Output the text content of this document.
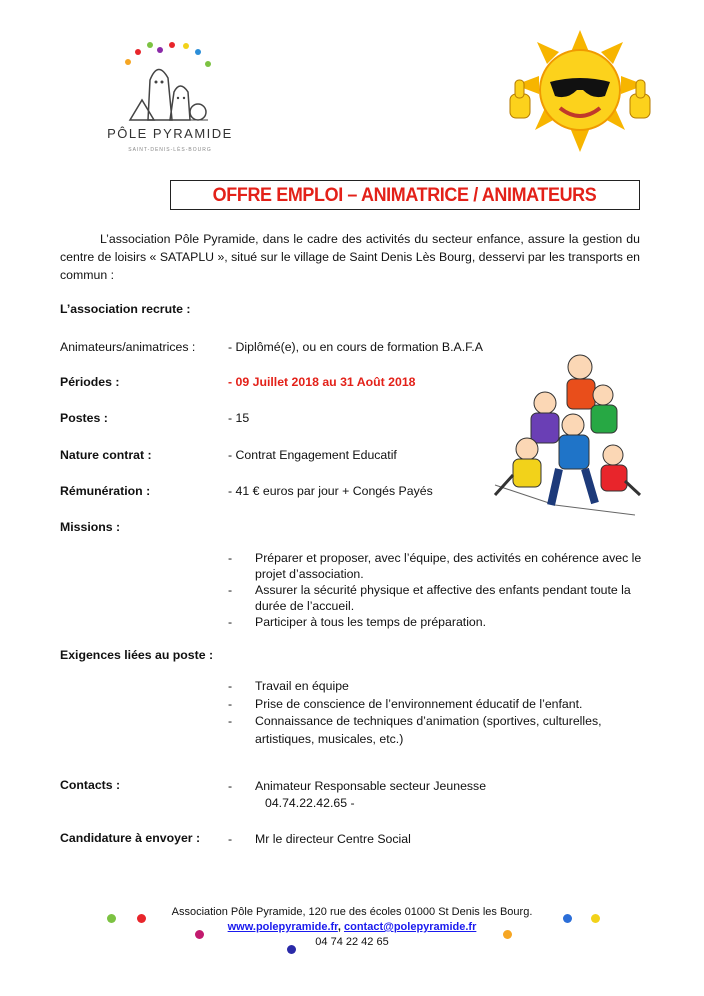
PÔLE PYRAMIDE
SAINT-DENIS-LÈS-BOURG
OFFRE EMPLOI – ANIMATRICE / ANIMATEURS
L’association Pôle Pyramide, dans le cadre des activités du secteur enfance, assure la gestion du centre de loisirs « SATAPLU », situé sur le village de Saint Denis Lès Bourg, desservi par les transports en commun :
L’association recrute :
Animateurs/animatrices :	- Diplômé(e), ou en cours de formation B.A.F.A
Périodes :	- 09 Juillet 2018 au 31 Août 2018
Postes :	- 15
Nature contrat :	- Contrat Engagement Educatif
Rémunération :	- 41 € euros par jour + Congés Payés
Missions :
- Préparer et proposer, avec l’équipe, des activités en cohérence avec le projet d’association.
- Assurer la sécurité physique et affective des enfants pendant toute la durée de l’accueil.
- Participer à tous les temps de préparation.
Exigences liées au poste :
- Travail en équipe
- Prise de conscience de l’environnement éducatif de l’enfant.
- Connaissance de techniques d’animation (sportives, culturelles, artistiques, musicales, etc.)
Contacts :	- Animateur Responsable secteur Jeunesse
04.74.22.42.65 -
Candidature à envoyer : - Mr le directeur Centre Social
Association Pôle Pyramide, 120 rue des écoles 01000 St Denis les Bourg.
www.polepyramide.fr, contact@polepyramide.fr
04 74 22 42 65
